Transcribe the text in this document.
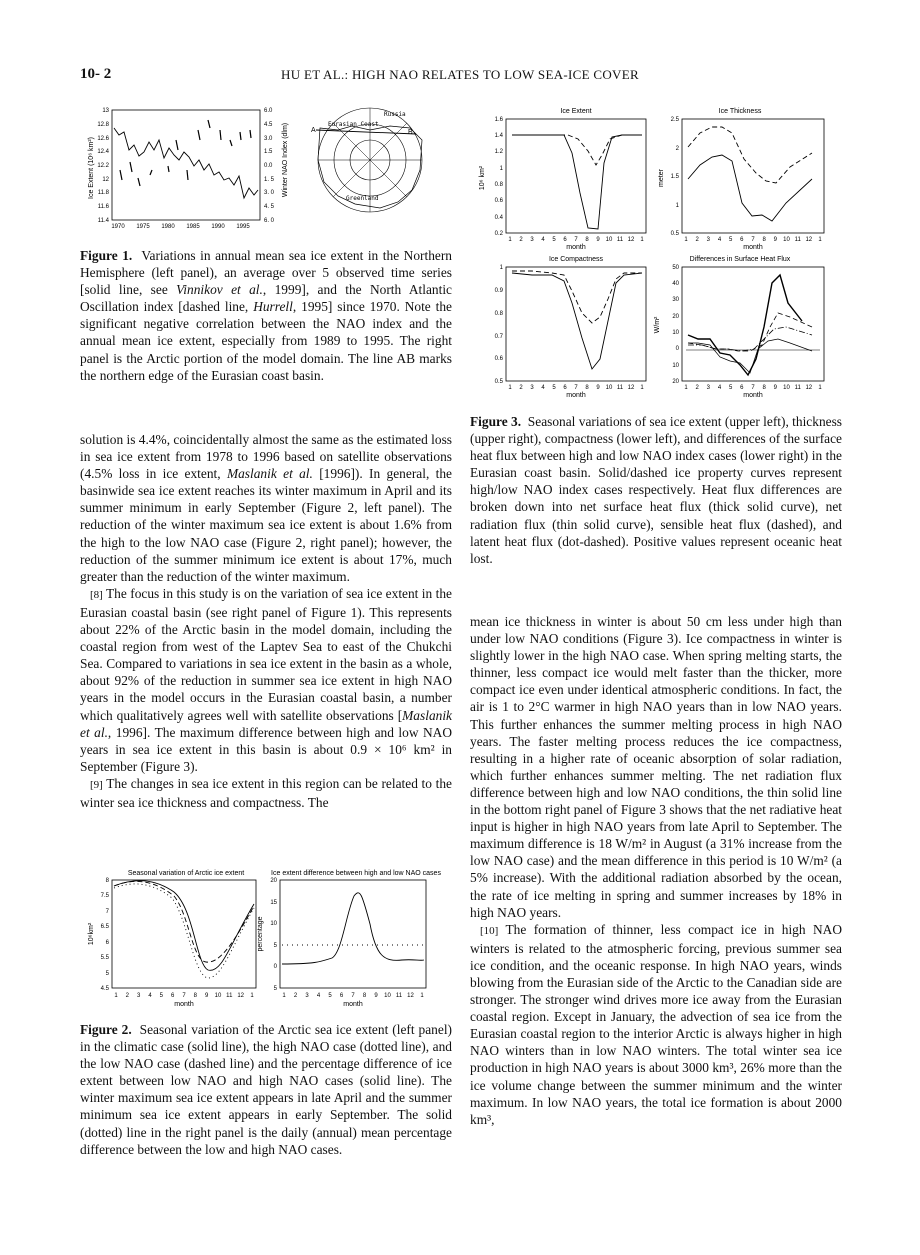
10- 2	HU ET AL.: HIGH NAO RELATES TO LOW SEA-ICE COVER
Ice Extent (10⁶ km²)	Winter NAO Index (dlm)
13
12.8
12.6
12.4
12.2
12
11.8
11.6
11.4
6.0
4.5
3.0
1.5
0.0
1. 5
3. 0
4. 5
6. 0
1970 1975 1980 1985 1990 1995
A	B
Eurasian Coast
Russia
Greenland

Figure 1. Variations in annual mean sea ice extent in the Northern Hemisphere (left panel), an average over 5 observed time series [solid line, see Vinnikov et al., 1999], and the North Atlantic Oscillation index [dashed line, Hurrell, 1995] since 1970. Note the significant negative correlation between the NAO index and the annual mean ice extent, especially from 1989 to 1995. The right panel is the Arctic portion of the model domain. The line AB marks the northern edge of the Eurasian coast basin.

solution is 4.4%, coincidentally almost the same as the estimated loss in sea ice extent from 1978 to 1996 based on satellite observations (4.5% loss in ice extent, Maslanik et al. [1996]). In general, the basinwide sea ice extent reaches its winter maximum in April and its summer minimum in early September (Figure 2, left panel). The reduction of the winter maximum sea ice extent is about 1.6% from the high to the low NAO case (Figure 2, right panel); however, the reduction of the summer minimum ice extent is about 17%, much greater than the reduction of the winter maximum.

[8] The focus in this study is on the variation of sea ice extent in the Eurasian coastal basin (see right panel of Figure 1). This represents about 22% of the Arctic basin in the model domain, including the coastal region from west of the Laptev Sea to east of the Chukchi Sea. Compared to variations in sea ice extent in the basin as a whole, about 92% of the reduction in summer sea ice extent in high NAO years in the model occurs in the Eurasian coastal basin, a number which qualitatively agrees well with satellite observations [Maslanik et al., 1996]. The maximum difference between high and low NAO years in sea ice extent in this basin is about 0.9 × 10⁶ km² in September (Figure 3).

[9] The changes in sea ice extent in this region can be related to the winter sea ice thickness and compactness. The

Seasonal variation of Arctic ice extent	Ice extent difference between high and low NAO cases
10⁶km²	percentage
8
7.5
7
6.5
6
5.5
5
4.5
20
15
10
5
0
5
1 2 3 4 5 6 7 8 9 10 11 12 1	1 2 3 4 5 6 7 8 9 10 11 12 1
month	month

Figure 2. Seasonal variation of the Arctic sea ice extent (left panel) in the climatic case (solid line), the high NAO case (dotted line), and the low NAO case (dashed line) and the percentage difference of ice extent between low NAO and high NAO cases (solid line). The winter maximum sea ice extent appears in late April and the summer minimum sea ice extent appears in early September. The solid (dotted) line in the right panel is the daily (annual) mean percentage difference between the low and high NAO cases.

Ice Extent	Ice Thickness
Ice Compactness	Differences in Surface Heat Flux
10⁶ km²	meter
W/m²
1.6
1.4
1.2
1
0.8
0.6
0.4
0.2
2.5
2
1.5
1
0.5
1
0.9
0.8
0.7
0.6
0.5
50
40
30
20
10
0
10
20
1 2 3 4 5 6 7 8 9 10 11 12 1	1 2 3 4 5 6 7 8 9 10 11 12 1
1 2 3 4 5 6 7 8 9 10 11 12 1	1 2 3 4 5 6 7 8 9 10 11 12 1
month	month
month	month

Figure 3. Seasonal variations of sea ice extent (upper left), thickness (upper right), compactness (lower left), and differences of the surface heat flux between high and low NAO index cases (lower right) in the Eurasian coast basin. Solid/dashed ice property curves represent high/low NAO index cases respectively. Heat flux differences are broken down into net surface heat flux (thick solid curve), net radiation flux (thin solid curve), sensible heat flux (dashed), and latent heat flux (dot-dashed). Positive values represent oceanic heat lost.

mean ice thickness in winter is about 50 cm less under high than under low NAO conditions (Figure 3). Ice compactness in winter is slightly lower in the high NAO case. When spring melting starts, the thinner, less compact ice would melt faster than the thicker, more compact ice even under identical atmospheric conditions. In fact, the air is 1 to 2°C warmer in high NAO years than in low NAO years. This further enhances the summer melting process in high NAO years. The faster melting process reduces the ice compactness, resulting in a higher rate of oceanic absorption of solar radiation, which further enhances summer melting. The net radiation flux difference between high and low NAO conditions, the thin solid line in the bottom right panel of Figure 3 shows that the net radiative heat input is higher in high NAO years from late April to September. The maximum difference is 18 W/m² in August (a 31% increase from the low NAO case) and the mean difference in this period is 10 W/m² (a 5% increase). With the additional radiation absorbed by the ocean, the rate of ice melting in spring and summer increases by 18% in high NAO years.

[10] The formation of thinner, less compact ice in high NAO winters is related to the atmospheric forcing, previous summer sea ice condition, and the oceanic response. In high NAO years, winds blowing from the Eurasian side of the Arctic to the Canadian side are stronger. The stronger wind drives more ice away from the Eurasian coastal region. Except in January, the advection of sea ice from the Eurasian coastal region to the interior Arctic is always higher in high NAO winters than in low NAO winters. The total winter sea ice production in high NAO years is about 3000 km³, 26% more than the ice volume change between the summer minimum and the winter maximum. In low NAO years, the total ice formation is about 2000 km³,
